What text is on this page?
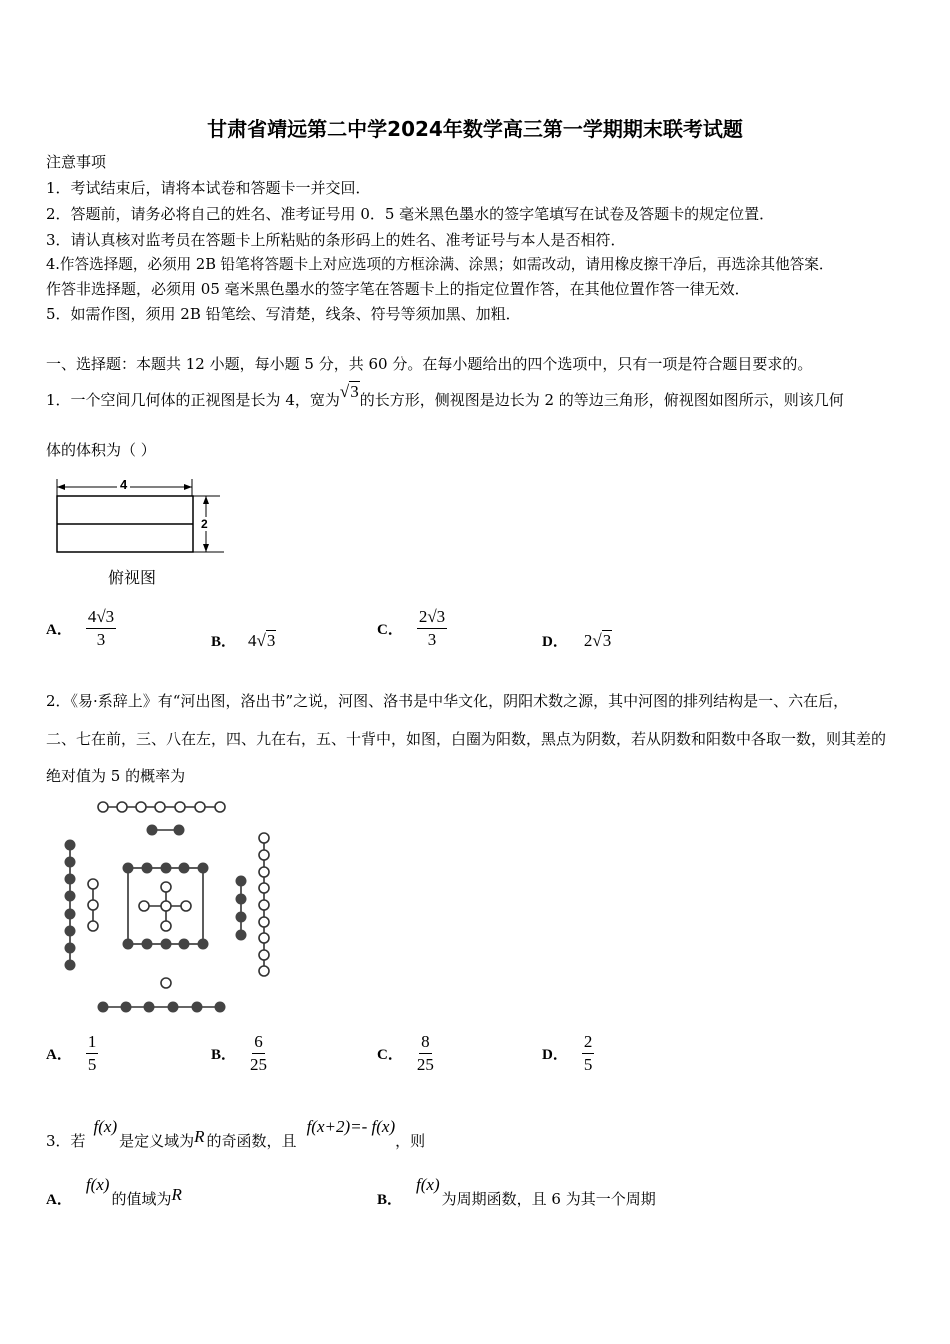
甘肃省靖远第二中学2024年数学高三第一学期期末联考试题
注意事项
1．考试结束后，请将本试卷和答题卡一并交回．
2．答题前，请务必将自己的姓名、准考证号用 0．5 毫米黑色墨水的签字笔填写在试卷及答题卡的规定位置．
3．请认真核对监考员在答题卡上所粘贴的条形码上的姓名、准考证号与本人是否相符．
4.作答选择题，必须用 2B 铅笔将答题卡上对应选项的方框涂满、涂黑；如需改动，请用橡皮擦干净后，再选涂其他答案．
作答非选择题，必须用 05 毫米黑色墨水的签字笔在答题卡上的指定位置作答，在其他位置作答一律无效．
5．如需作图，须用 2B 铅笔绘、写清楚，线条、符号等须加黑、加粗．
一、选择题：本题共 12 小题，每小题 5 分，共 60 分。在每小题给出的四个选项中，只有一项是符合题目要求的。
1．一个空间几何体的正视图是长为 4，宽为√3的长方形，侧视图是边长为 2 的等边三角形，俯视图如图所示，则该几何
体的体积为（ ）
4
2
俯视图
A． $\frac{4√3}{3}$	B． 4√3
C． $\frac{2√3}{3}$	D． 2√3
2．《易·系辞上》有“河出图，洛出书”之说，河图、洛书是中华文化，阴阳术数之源，其中河图的排列结构是一、六在后，
二、七在前，三、八在左，四、九在右，五、十背中，如图，白圈为阳数，黑点为阴数，若从阴数和阳数中各取一数，则其差的
绝对值为 5 的概率为
A． $\frac{1}{5}$	B． $\frac{6}{25}$	C． $\frac{8}{25}$	D． $\frac{2}{5}$
3．若
f(x)
是定义域为 R 的奇函数，且
f(x+2)=- f(x)
，则
A．
f(x)
的值域为 R	B．
f(x)
为周期函数，且 6 为其一个周期
